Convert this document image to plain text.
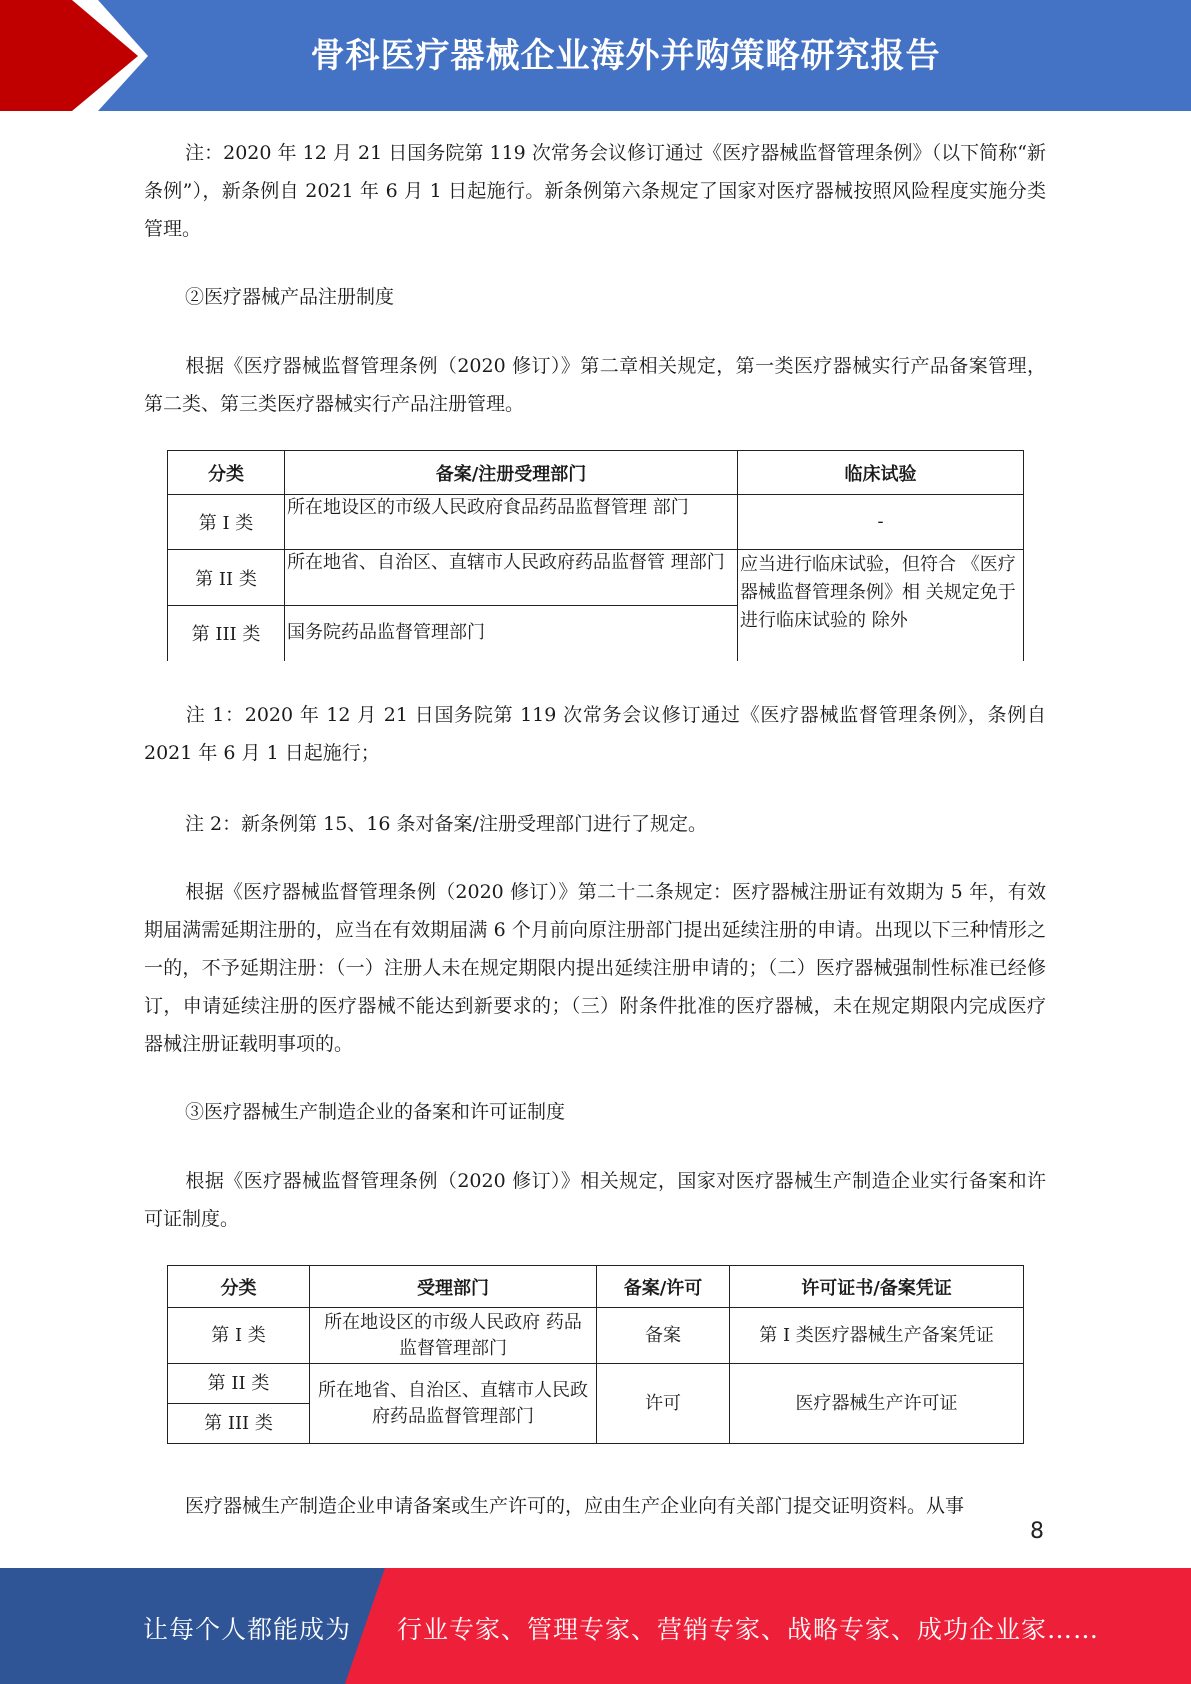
骨科医疗器械企业海外并购策略研究报告
注：2020 年 12 月 21 日国务院第 119 次常务会议修订通过《医疗器械监督管理条例》（以下简称“新条例”），新条例自 2021 年 6 月 1 日起施行。新条例第六条规定了国家对医疗器械按照风险程度实施分类管理。
②医疗器械产品注册制度
根据《医疗器械监督管理条例（2020 修订）》第二章相关规定，第一类医疗器械实行产品备案管理，第二类、第三类医疗器械实行产品注册管理。
分类	备案/注册受理部门	临床试验
第 I 类	所在地设区的市级人民政府食品药品监督管理 部门	-
第 II 类	所在地省、自治区、直辖市人民政府药品监督管 理部门	应当进行临床试验，但符合 《医疗器械监督管理条例》相 关规定免于进行临床试验的 除外
第 III 类	国务院药品监督管理部门	
注 1：2020 年 12 月 21 日国务院第 119 次常务会议修订通过《医疗器械监督管理条例》，条例自 2021 年 6 月 1 日起施行；
注 2：新条例第 15、16 条对备案/注册受理部门进行了规定。
根据《医疗器械监督管理条例（2020 修订）》第二十二条规定：医疗器械注册证有效期为 5 年，有效期届满需延期注册的，应当在有效期届满 6 个月前向原注册部门提出延续注册的申请。出现以下三种情形之一的，不予延期注册：（一）注册人未在规定期限内提出延续注册申请的；（二）医疗器械强制性标准已经修订，申请延续注册的医疗器械不能达到新要求的；（三）附条件批准的医疗器械，未在规定期限内完成医疗器械注册证载明事项的。
③医疗器械生产制造企业的备案和许可证制度
根据《医疗器械监督管理条例（2020 修订）》相关规定，国家对医疗器械生产制造企业实行备案和许可证制度。
分类	受理部门	备案/许可	许可证书/备案凭证
第 I 类	所在地设区的市级人民政府 药品监督管理部门	备案	第 I 类医疗器械生产备案凭证
第 II 类	所在地省、自治区、直辖市人民政府药品监督管理部门	许可	医疗器械生产许可证
第 III 类			
医疗器械生产制造企业申请备案或生产许可的，应由生产企业向有关部门提交证明资料。从事
8
让每个人都能成为 行业专家、管理专家、营销专家、战略专家、成功企业家……
